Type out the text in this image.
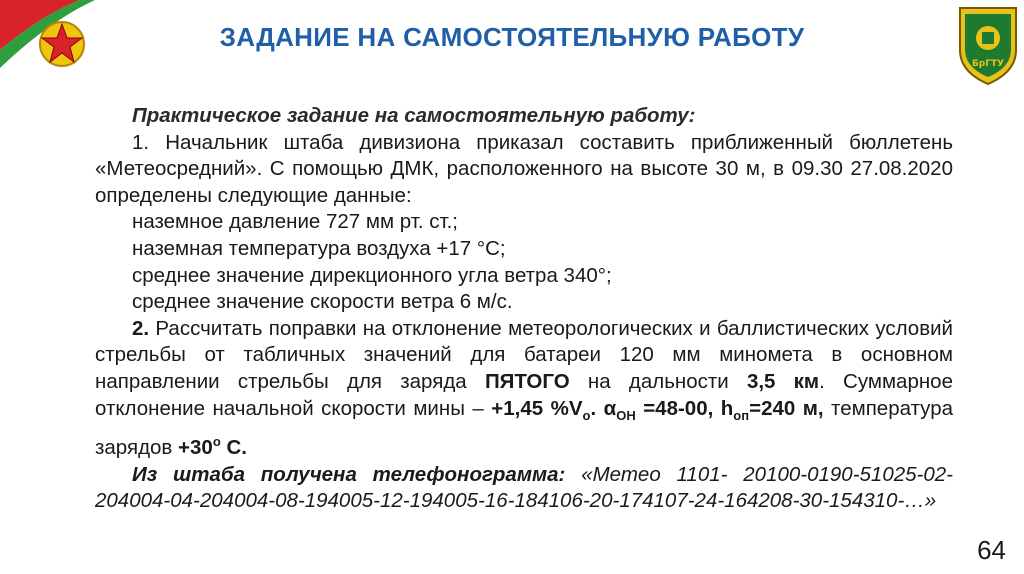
БрГТУ
ЗАДАНИЕ НА САМОСТОЯТЕЛЬНУЮ РАБОТУ

Практическое задание на самостоятельную работу:

1. Начальник штаба дивизиона приказал составить приближенный бюллетень «Метеосредний». С помощью ДМК, расположенного на высоте 30 м, в 09.30 27.08.2020 определены следующие данные:

наземное давление 727 мм рт. ст.;

наземная температура воздуха +17 °С;

среднее значение дирекционного угла ветра 340°;

среднее значение скорости ветра 6 м/с.

2. Рассчитать поправки на отклонение метеорологических и баллистических условий стрельбы от табличных значений для батареи 120 мм миномета в основном направлении стрельбы для заряда ПЯТОГО на дальности 3,5 км. Суммарное отклонение начальной скорости мины – +1,45 $\%V_о$. $\alpha_{ОН} =48-00$, $h_{оп}=240$ м, температура зарядов $+30^о$ С.

Из штаба получена телефонограмма: «Метео 1101- 20100-0190-51025-02-204004-04-204004-08-194005-12-194005-16-184106-20-174107-24-164208-30-154310-…»

64
